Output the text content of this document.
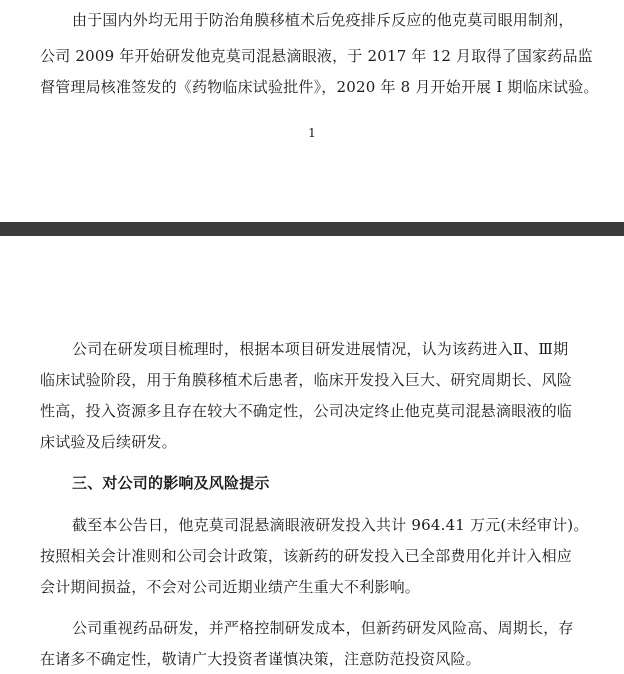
由于国内外均无用于防治角膜移植术后免疫排斥反应的他克莫司眼用制剂，
公司 2009 年开始研发他克莫司混悬滴眼液，于 2017 年 12 月取得了国家药品监
督管理局核准签发的《药物临床试验批件》，2020 年 8 月开始开展 I 期临床试验。
1
公司在研发项目梳理时，根据本项目研发进展情况，认为该药进入Ⅱ、Ⅲ期
临床试验阶段，用于角膜移植术后患者，临床开发投入巨大、研究周期长、风险
性高，投入资源多且存在较大不确定性，公司决定终止他克莫司混悬滴眼液的临
床试验及后续研发。
三、对公司的影响及风险提示
截至本公告日，他克莫司混悬滴眼液研发投入共计 964.41 万元(未经审计)。
按照相关会计准则和公司会计政策，该新药的研发投入已全部费用化并计入相应
会计期间损益，不会对公司近期业绩产生重大不利影响。
公司重视药品研发，并严格控制研发成本，但新药研发风险高、周期长，存
在诸多不确定性，敬请广大投资者谨慎决策，注意防范投资风险。
